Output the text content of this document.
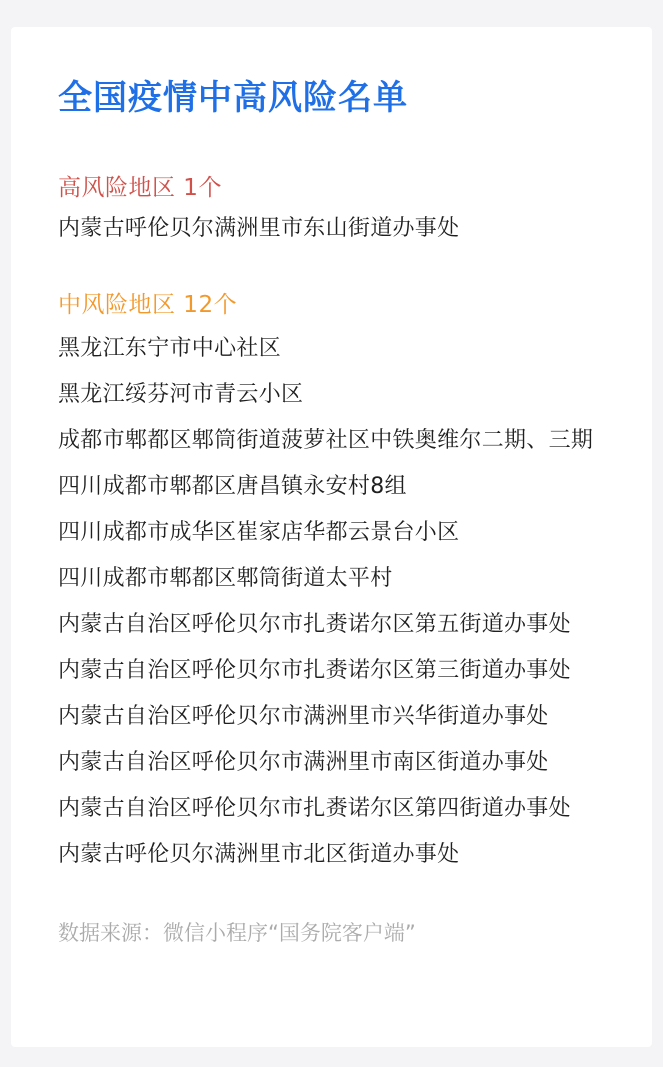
全国疫情中高风险名单
高风险地区 1个
内蒙古呼伦贝尔满洲里市东山街道办事处
中风险地区 12个
黑龙江东宁市中心社区
黑龙江绥芬河市青云小区
成都市郫都区郫筒街道菠萝社区中铁奥维尔二期、三期
四川成都市郫都区唐昌镇永安村8组
四川成都市成华区崔家店华都云景台小区
四川成都市郫都区郫筒街道太平村
内蒙古自治区呼伦贝尔市扎赉诺尔区第五街道办事处
内蒙古自治区呼伦贝尔市扎赉诺尔区第三街道办事处
内蒙古自治区呼伦贝尔市满洲里市兴华街道办事处
内蒙古自治区呼伦贝尔市满洲里市南区街道办事处
内蒙古自治区呼伦贝尔市扎赉诺尔区第四街道办事处
内蒙古呼伦贝尔满洲里市北区街道办事处
数据来源：微信小程序“国务院客户端”
